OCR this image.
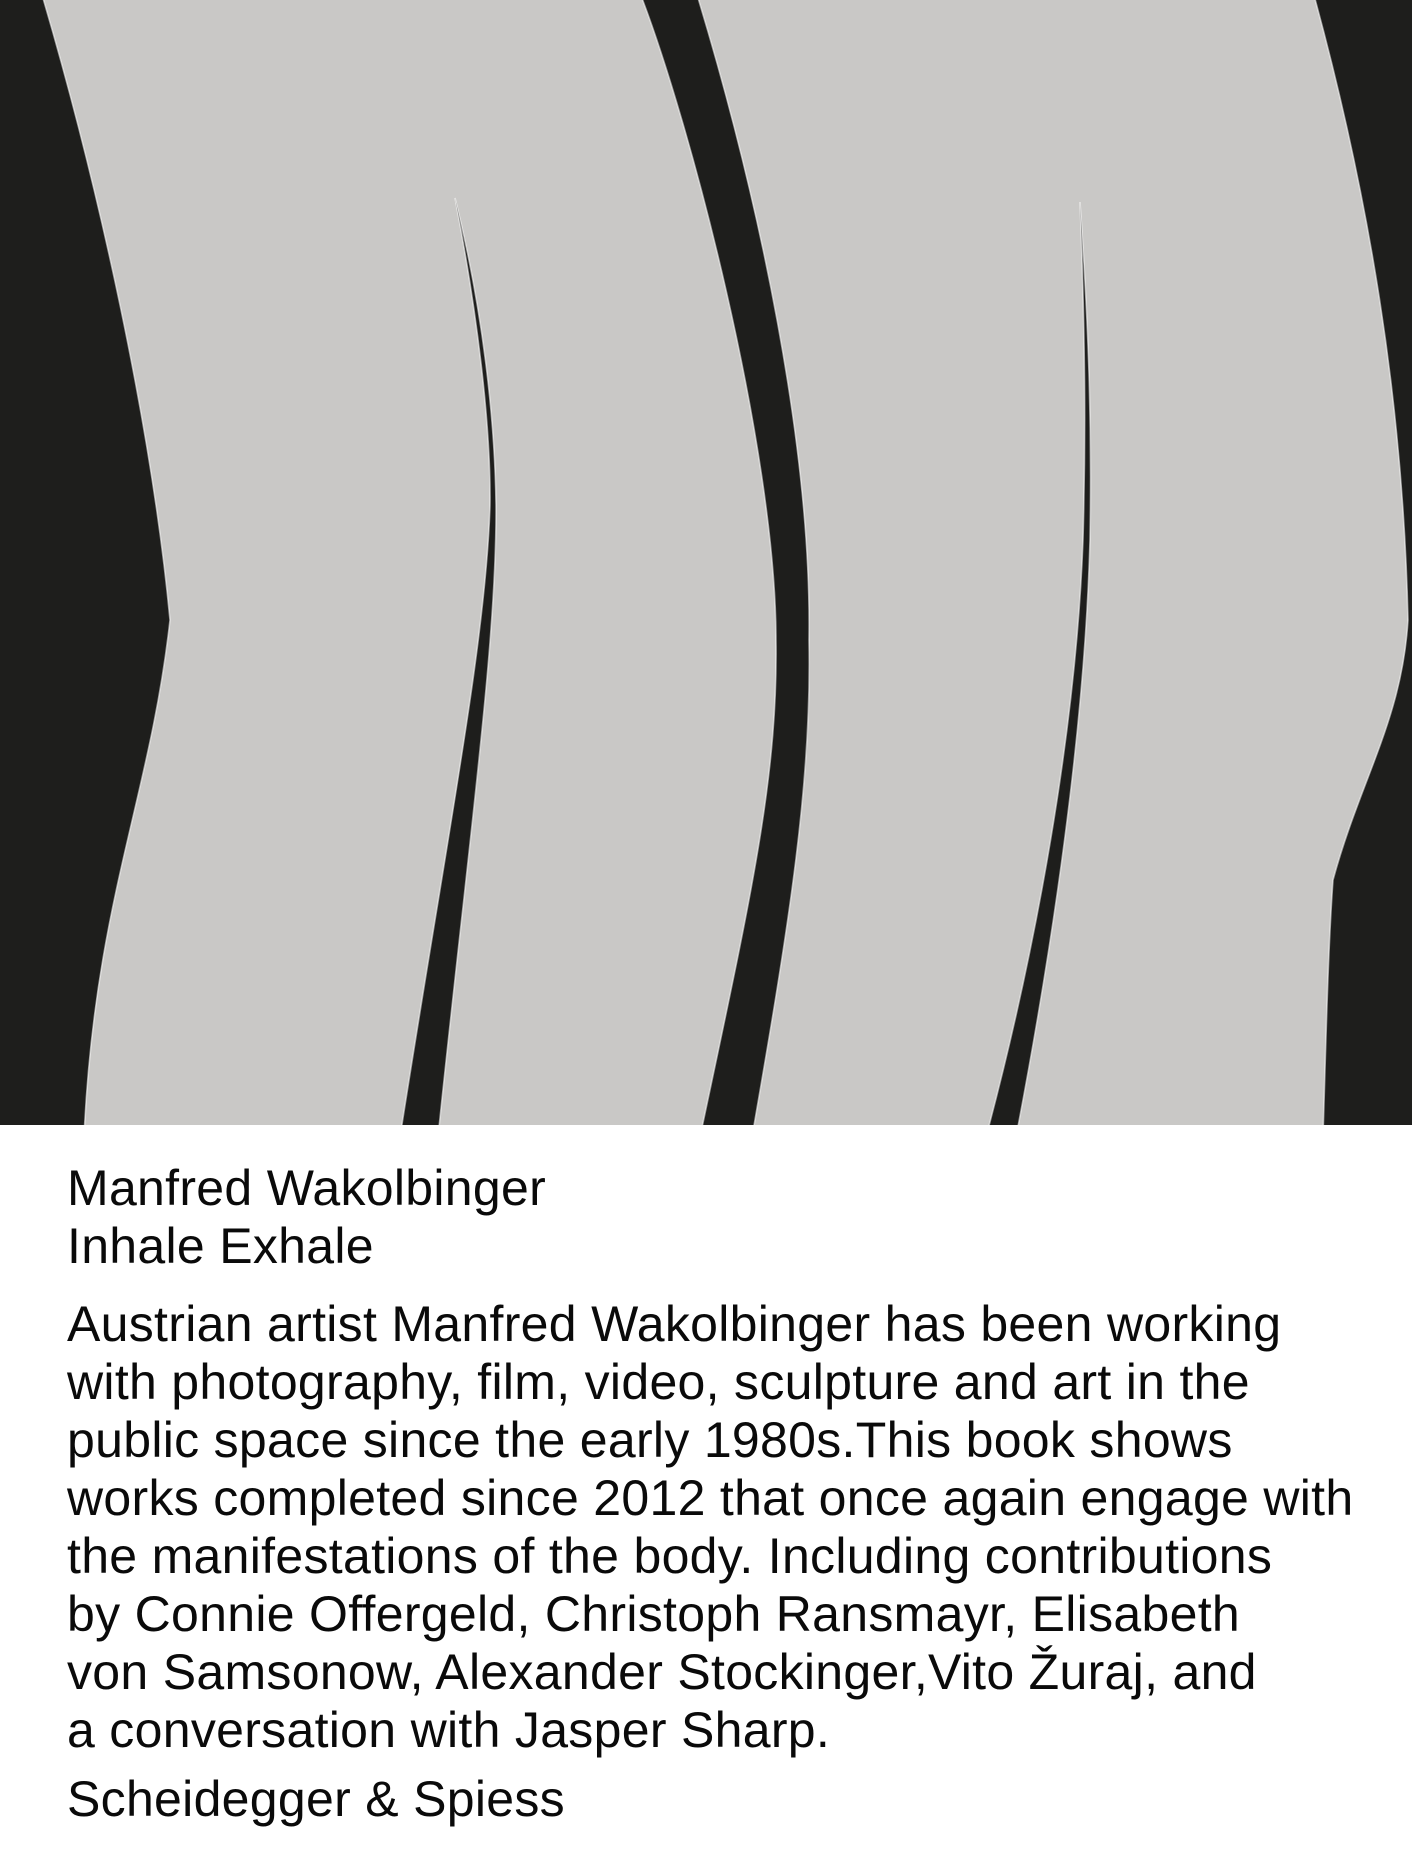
Manfred Wakolbinger
Inhale Exhale
Austrian artist Manfred Wakolbinger has been working
with photography, film, video, sculpture and art in the
public space since the early 1980s.This book shows
works completed since 2012 that once again engage with
the manifestations of the body. Including contributions
by Connie Offergeld, Christoph Ransmayr, Elisabeth
von Samsonow, Alexander Stockinger,Vito Žuraj, and
a conversation with Jasper Sharp.
Scheidegger & Spiess
